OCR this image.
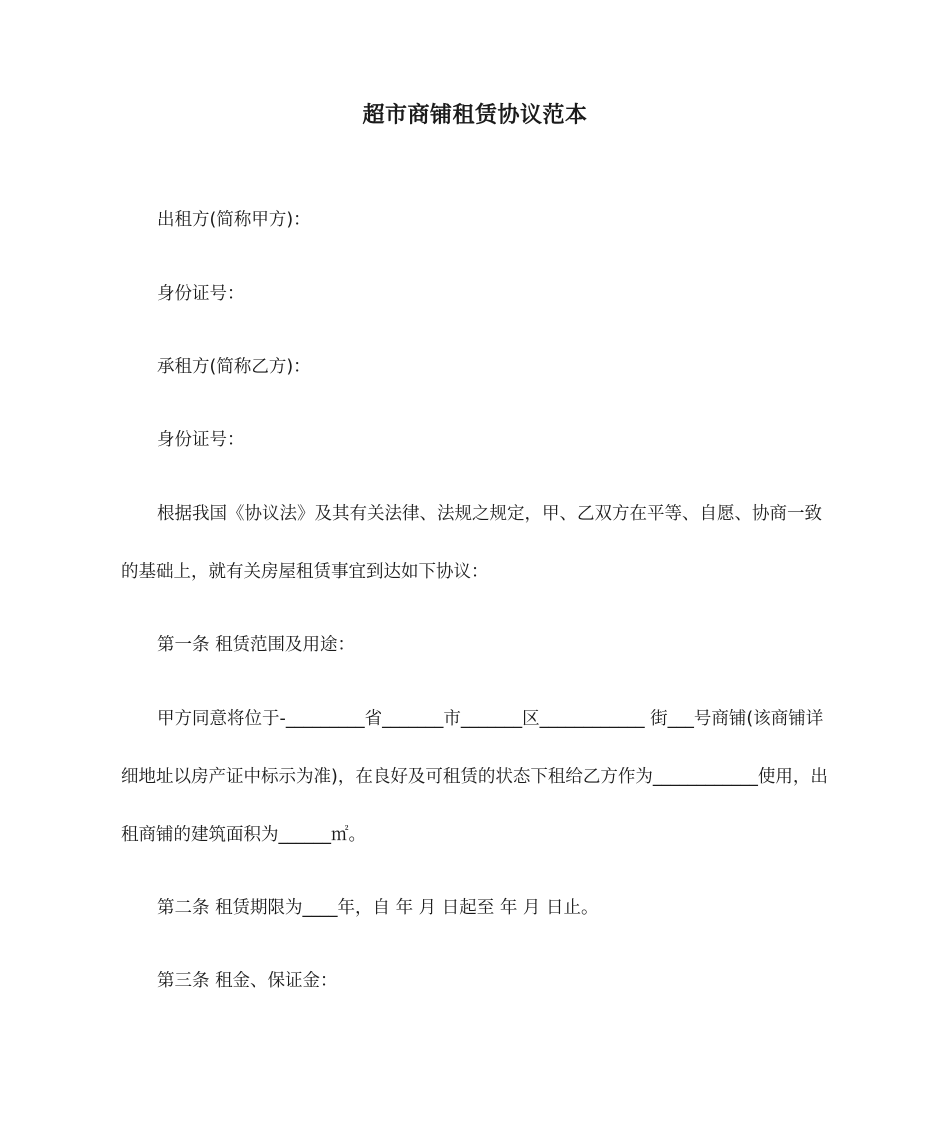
超市商铺租赁协议范本

出租方(简称甲方)：

身份证号：

承租方(简称乙方)：

身份证号：

根据我国《协议法》及其有关法律、法规之规定，甲、乙双方在平等、自愿、协商一致的基础上，就有关房屋租赁事宜到达如下协议：

第一条 租赁范围及用途：

甲方同意将位于-_________省_______市_______区____________ 街___号商铺(该商铺详细地址以房产证中标示为准)，在良好及可租赁的状态下租给乙方作为____________使用，出租商铺的建筑面积为______㎡。

第二条 租赁期限为____年，自 年 月 日起至 年 月 日止。

第三条 租金、保证金：
